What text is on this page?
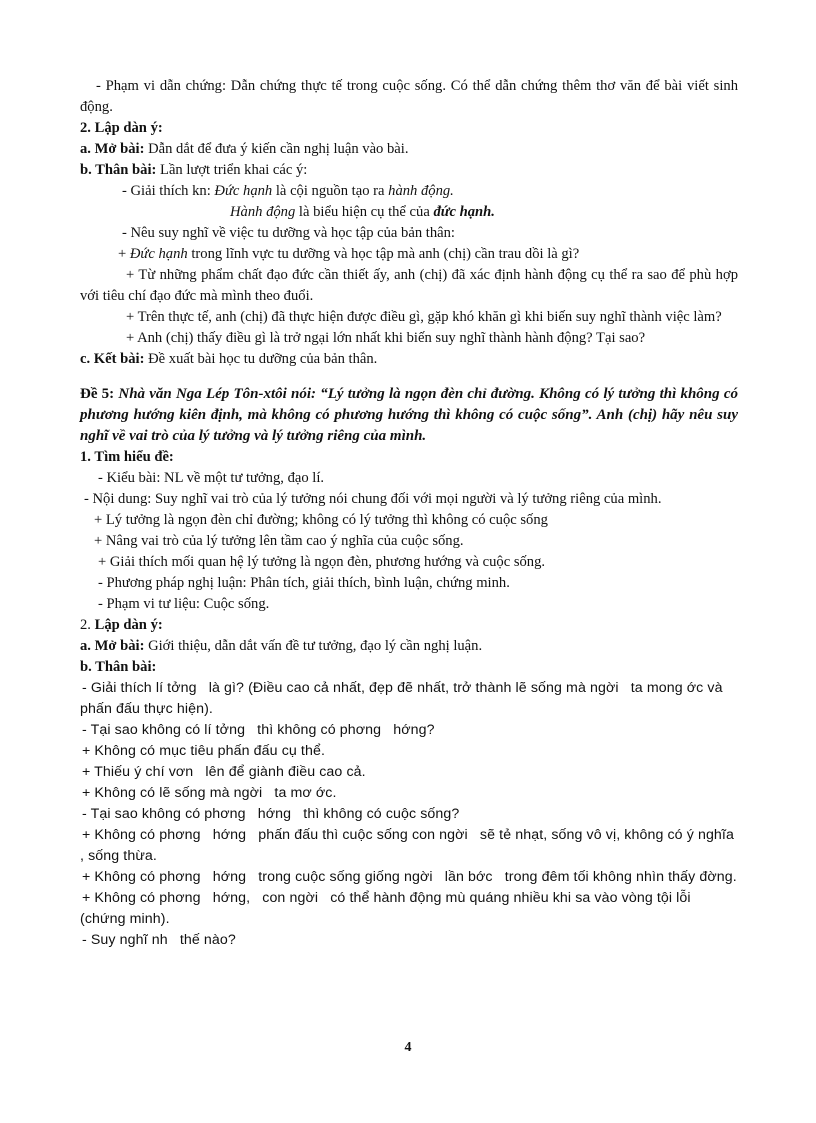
- Phạm vi dẫn chứng: Dẫn chứng thực tế trong cuộc sống. Có thể dẫn chứng thêm thơ văn để bài viết sinh động.
2. Lập dàn ý:
a. Mở bài: Dẫn dắt để đưa ý kiến cần nghị luận vào bài.
b. Thân bài: Lần lượt triển khai các ý:
- Giải thích kn: Đức hạnh là cội nguồn tạo ra hành động.
Hành động là biểu hiện cụ thể của đức hạnh.
- Nêu suy nghĩ về việc tu dưỡng và học tập của bản thân:
+ Đức hạnh trong lĩnh vực tu dưỡng và học tập mà anh (chị) cần trau dồi là gì?
+ Từ những phẩm chất đạo đức cần thiết ấy, anh (chị) đã xác định hành động cụ thể ra sao để phù hợp với tiêu chí đạo đức mà mình theo đuổi.
+ Trên thực tế, anh (chị) đã thực hiện được điều gì, gặp khó khăn gì khi biến suy nghĩ thành việc làm?
+ Anh (chị) thấy điều gì là trở ngại lớn nhất khi biến suy nghĩ thành hành động? Tại sao?
c. Kết bài: Đề xuất bài học tu dưỡng của bản thân.
Đề 5: Nhà văn Nga Lép Tôn-xtôi nói: “Lý tưởng là ngọn đèn chỉ đường. Không có lý tưởng thì không có phương hướng kiên định, mà không có phương hướng thì không có cuộc sống”. Anh (chị) hãy nêu suy nghĩ về vai trò của lý tưởng và lý tưởng riêng của mình.
1. Tìm hiểu đề:
- Kiểu bài: NL về một tư tưởng, đạo lí.
- Nội dung: Suy nghĩ vai trò của lý tưởng nói chung đối với mọi người và lý tưởng riêng của mình.
+ Lý tưởng là ngọn đèn chỉ đường; không có lý tưởng thì không có cuộc sống
+ Nâng vai trò của lý tưởng lên tầm cao ý nghĩa của cuộc sống.
+ Giải thích mối quan hệ lý tưởng là ngọn đèn, phương hướng và cuộc sống.
- Phương pháp nghị luận: Phân tích, giải thích, bình luận, chứng minh.
- Phạm vi tư liệu: Cuộc sống.
2. Lập dàn ý:
a. Mở bài: Giới thiệu, dẫn dắt vấn đề tư tưởng, đạo lý cần nghị luận.
b. Thân bài:
- Giải thích lí tởng   là gì? (Điều cao cả nhất, đẹp đẽ nhất, trở thành lẽ sống mà ngời   ta mong ớc và phấn đấu thực hiện).
- Tại sao không có lí tởng   thì không có phơng   hớng?
+ Không có mục tiêu phấn đấu cụ thể.
+ Thiếu ý chí vơn   lên để giành điều cao cả.
+ Không có lẽ sống mà ngời   ta mơ ớc.
- Tại sao không có phơng   hớng   thì không có cuộc sống?
+ Không có phơng   hớng   phấn đấu thì cuộc sống con ngời   sẽ tẻ nhạt, sống vô vị, không có ý nghĩa , sống thừa.
+ Không có phơng   hớng   trong cuộc sống giống ngời   lần bớc   trong đêm tối không nhìn thấy đờng.
+ Không có phơng   hớng,   con ngời   có thể hành động mù quáng nhiều khi sa vào vòng tội lỗi (chứng minh).
- Suy nghĩ nh   thế nào?
4
